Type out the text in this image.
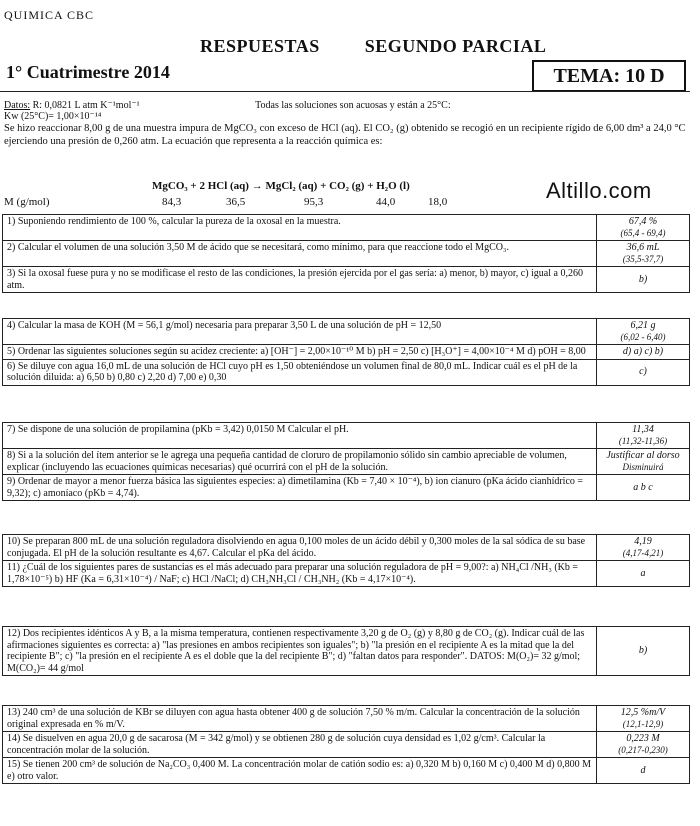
QUIMICA CBC
RESPUESTAS	SEGUNDO PARCIAL
1° Cuatrimestre 2014	TEMA: 10 D
Datos: R: 0,0821 L atm K⁻¹mol⁻¹	Todas las soluciones son acuosas y están a 25°C: Kw (25°C)= 1,00×10⁻¹⁴
Se hizo reaccionar 8,00 g de una muestra impura de MgCO₃ con exceso de HCl (aq). El CO₂ (g) obtenido se recogió en un recipiente rígido de 6,00 dm³ a 24,0 °C ejerciendo una presión de 0,260 atm. La ecuación que representa a la reacción química es:
MgCO₃ + 2 HCl (aq) → MgCl₂ (aq) + CO₂ (g) + H₂O (l)
M (g/mol)	84,3	36,5	95,3	44,0	18,0	Altillo.com
1) Suponiendo rendimiento de 100 %, calcular la pureza de la oxosal en la muestra.	67,4 %
(65,4 - 69,4)

2) Calcular el volumen de una solución 3,50 M de ácido que se necesitará, como mínimo, para que reaccione todo el MgCO₃.	36,6 mL
(35,5-37,7)

3) Si la oxosal fuese pura y no se modificase el resto de las condiciones, la presión ejercida por el gas sería: a) menor, b) mayor, c) igual a 0,260 atm.	b)
4) Calcular la masa de KOH (M = 56,1 g/mol) necesaria para preparar 3,50 L de una solución de pH = 12,50	6,21 g
(6,02 - 6,40)

5) Ordenar las siguientes soluciones según su acidez creciente: a) [OH⁻] = 2,00×10⁻¹⁰ M b) pH = 2,50 c) [H₃O⁺] = 4,00×10⁻⁴ M d) pOH = 8,00	d) a) c) b)

6) Se diluye con agua 16,0 mL de una solución de HCl cuyo pH es 1,50 obteniéndose un volumen final de 80,0 mL. Indicar cuál es el pH de la solución diluida: a) 6,50 b) 0,80 c) 2,20 d) 7,00 e) 0,30	c)
7) Se dispone de una solución de propilamina (pKb = 3,42) 0,0150 M Calcular el pH.	11,34
(11,32-11,36)

8) Si a la solución del ítem anterior se le agrega una pequeña cantidad de cloruro de propilamonio sólido sin cambio apreciable de volumen, explicar (incluyendo las ecuaciones químicas necesarias) qué ocurrirá con el pH de la solución.	Justificar al dorso
Disminuirá

9) Ordenar de mayor a menor fuerza básica las siguientes especies: a) dimetilamina (Kb = 7,40 × 10⁻⁴), b) ion cianuro (pKa ácido cianhídrico = 9,32); c) amoníaco (pKb = 4,74).	a b c
10) Se preparan 800 mL de una solución reguladora disolviendo en agua 0,100 moles de un ácido débil y 0,300 moles de la sal sódica de su base conjugada. El pH de la solución resultante es 4,67. Calcular el pKa del ácido.	4,19
(4,17-4,21)

11) ¿Cuál de los siguientes pares de sustancias es el más adecuado para preparar una solución reguladora de pH = 9,00?: a) NH₄Cl /NH₃ (Kb = 1,78×10⁻⁵) b) HF (Ka = 6,31×10⁻⁴) / NaF; c) HCl /NaCl; d) CH₃NH₃Cl / CH₃NH₂ (Kb = 4,17×10⁻⁴).	a
12) Dos recipientes idénticos A y B, a la misma temperatura, contienen respectivamente 3,20 g de O₂ (g) y 8,80 g de CO₂ (g). Indicar cuál de las afirmaciones siguientes es correcta: a) "las presiones en ambos recipientes son iguales"; b) "la presión en el recipiente A es la mitad que la del recipiente B"; c) "la presión en el recipiente A es el doble que la del recipiente B"; d) "faltan datos para responder". DATOS: M(O₂)= 32 g/mol; M(CO₂)= 44 g/mol	
b)
13) 240 cm³ de una solución de KBr se diluyen con agua hasta obtener 400 g de solución 7,50 % m/m. Calcular la concentración de la solución original expresada en % m/V.	12,5 %m/V
(12,1-12,9)

14) Se disuelven en agua 20,0 g de sacarosa (M = 342 g/mol) y se obtienen 280 g de solución cuya densidad es 1,02 g/cm³. Calcular la concentración molar de la solución.	0,223 M
(0,217-0,230)

15) Se tienen 200 cm³ de solución de Na₂CO₃ 0,400 M. La concentración molar de catión sodio es: a) 0,320 M b) 0,160 M c) 0,400 M d) 0,800 M e) otro valor.	d
